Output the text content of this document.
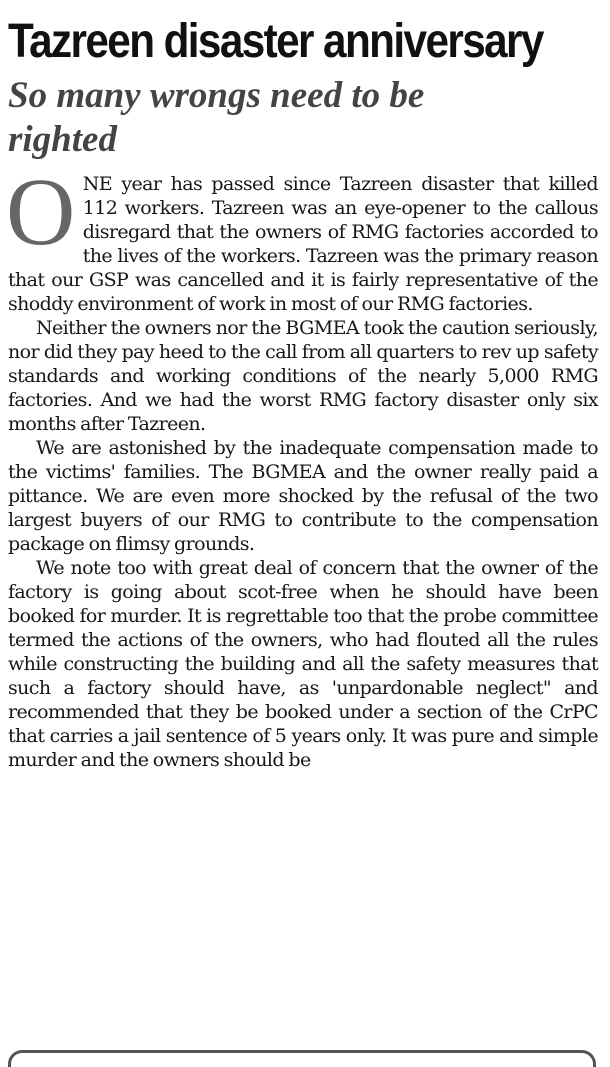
Tazreen disaster anniversary
So many wrongs need to be righted

O NE year has passed since Tazreen disaster that killed 112 workers. Tazreen was an eye-opener to the callous disregard that the owners of RMG factories accorded to the lives of the workers. Tazreen was the primary reason that our GSP was cancelled and it is fairly representative of the shoddy environment of work in most of our RMG factories.

Neither the owners nor the BGMEA took the caution seriously, nor did they pay heed to the call from all quarters to rev up safety standards and working conditions of the nearly 5,000 RMG factories. And we had the worst RMG factory disaster only six months after Tazreen.

We are astonished by the inadequate compensation made to the victims' families. The BGMEA and the owner really paid a pittance. We are even more shocked by the refusal of the two largest buyers of our RMG to contribute to the compensation package on flimsy grounds.

We note too with great deal of concern that the owner of the factory is going about scot-free when he should have been booked for murder. It is regrettable too that the probe committee termed the actions of the owners, who had flouted all the rules while constructing the building and all the safety measures that such a factory should have, as 'unpardonable neglect" and recommended that they be booked under a section of the CrPC that carries a jail sentence of 5 years only. It was pure and simple murder and the owners should be
